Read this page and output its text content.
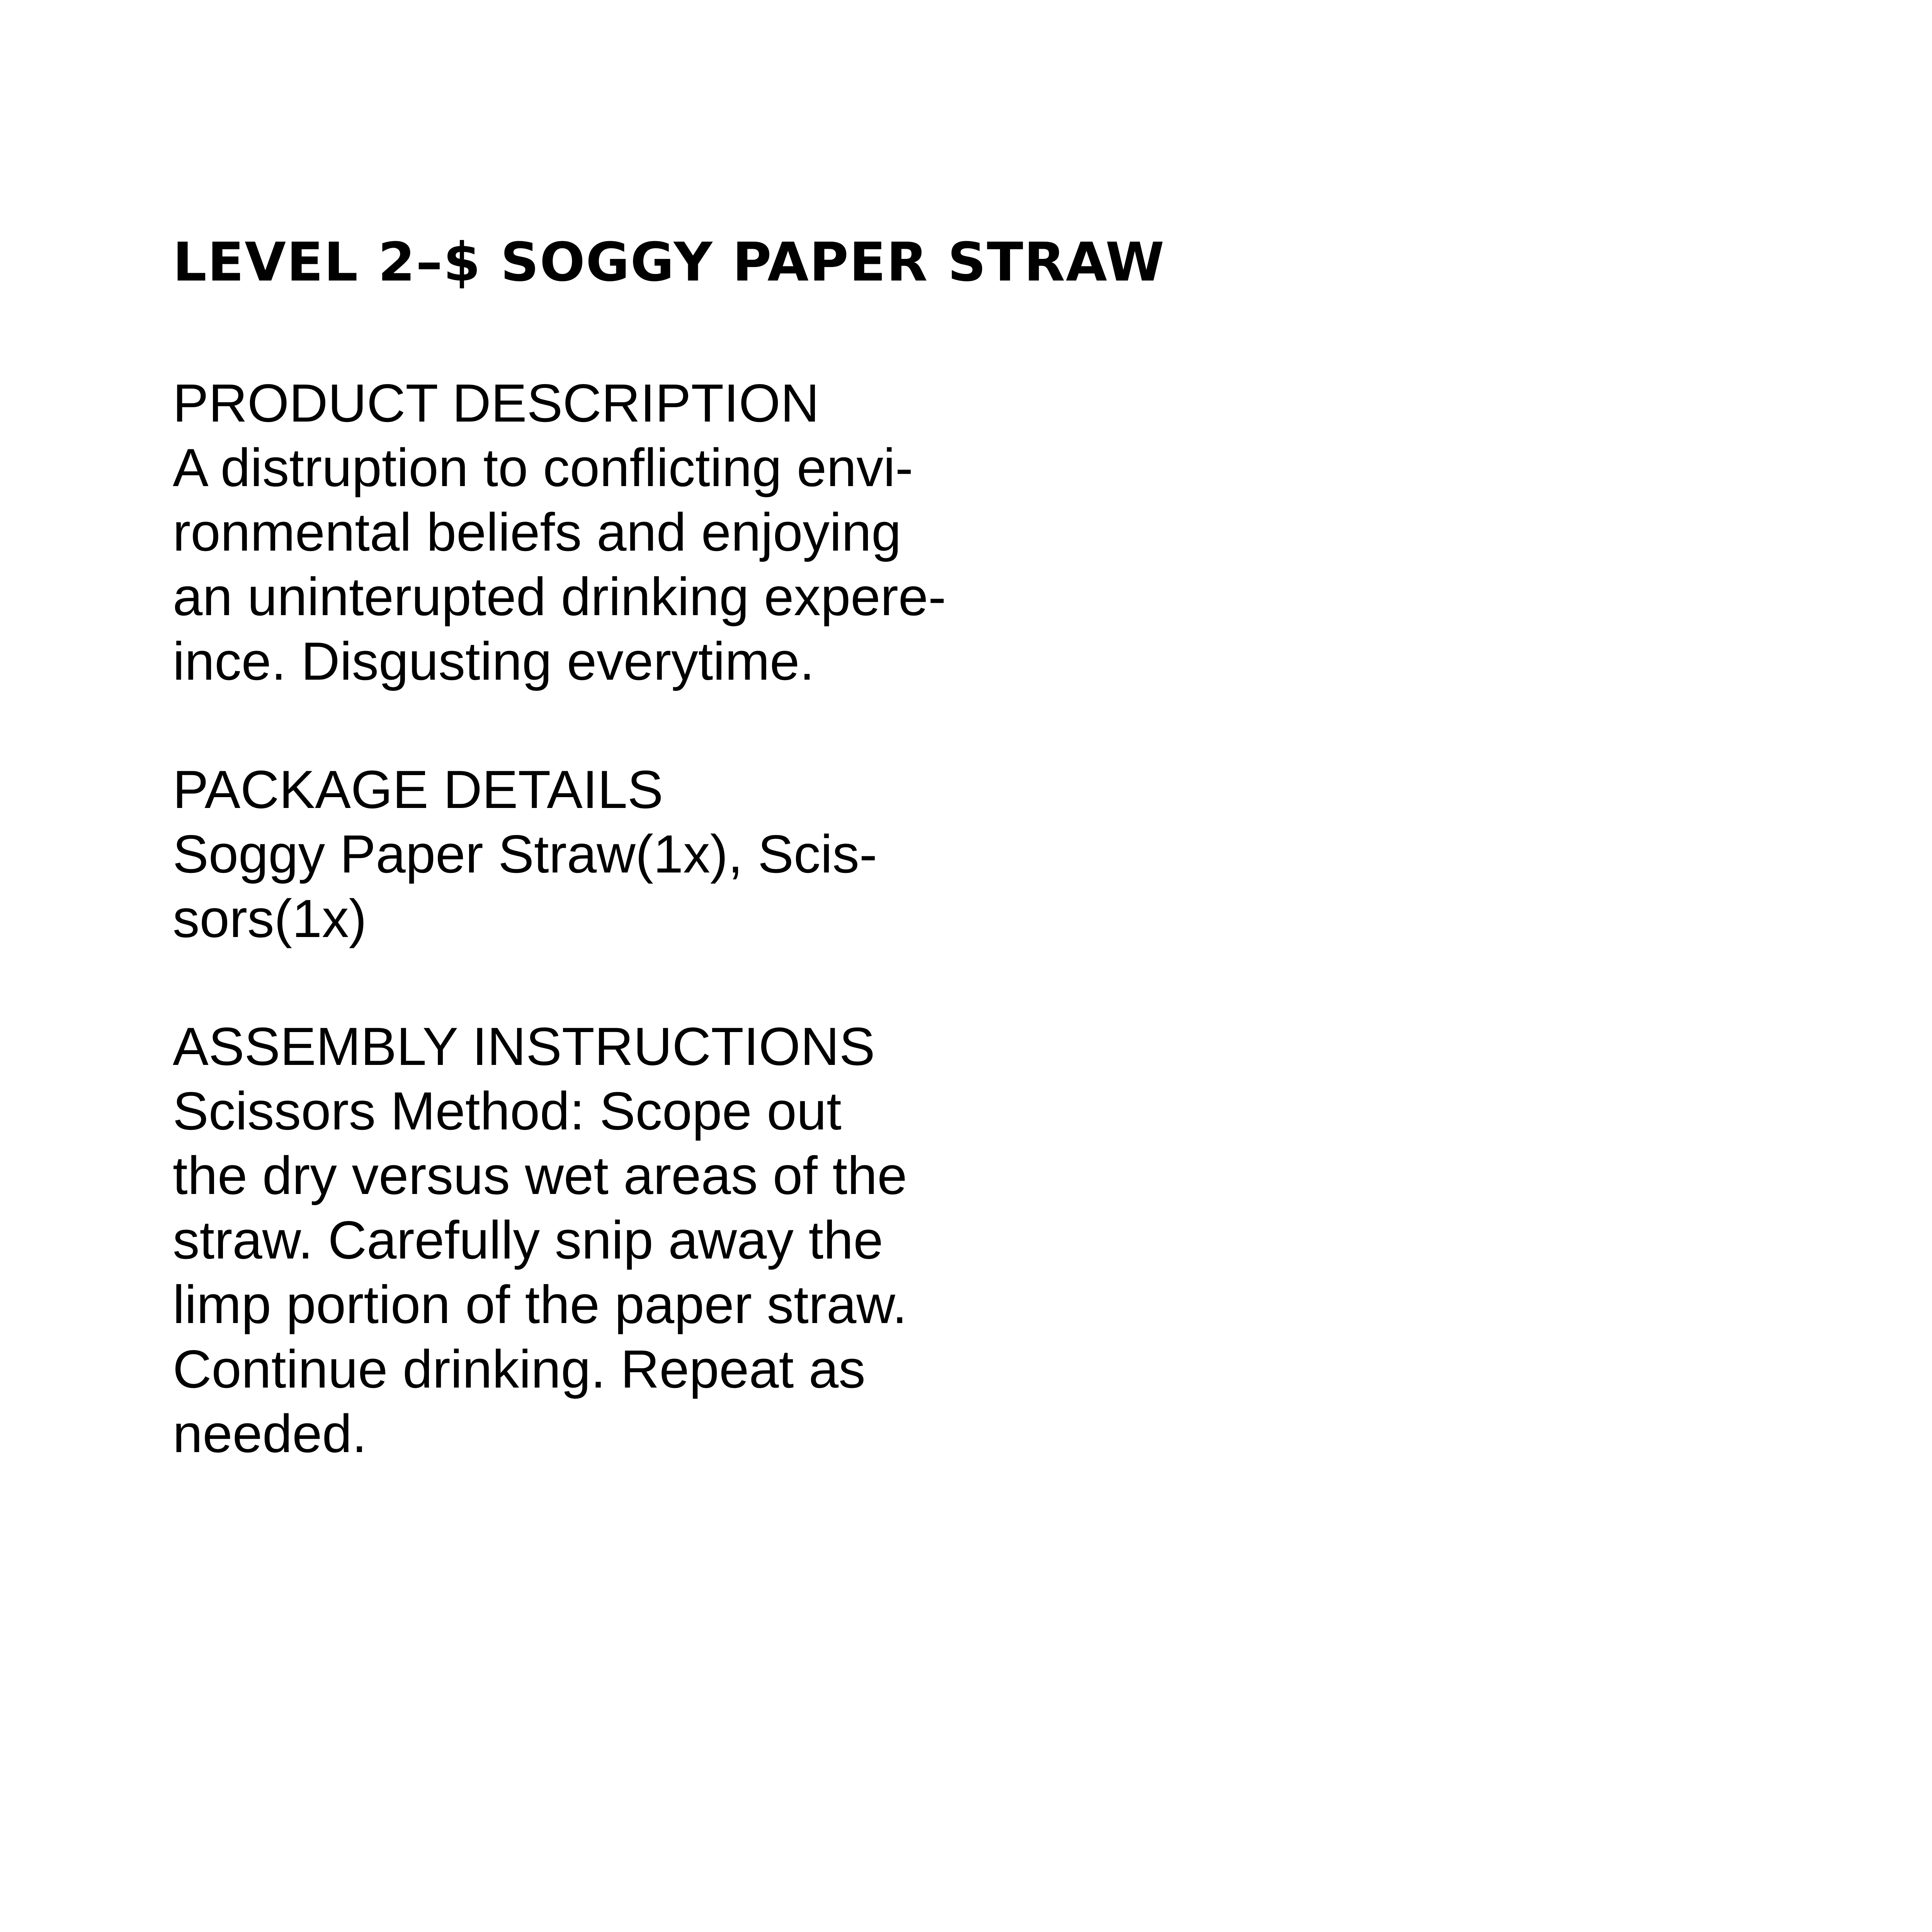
LEVEL 2–$ SOGGY PAPER STRAW
PRODUCT DESCRIPTION
A distruption to conflicting envi-
ronmental beliefs and enjoying
an uninterupted drinking expere-
ince. Disgusting everytime.
PACKAGE DETAILS
Soggy Paper Straw(1x), Scis-
sors(1x)
ASSEMBLY INSTRUCTIONS
Scissors Method: Scope out
the dry versus wet areas of the
straw. Carefully snip away the
limp portion of the paper straw.
Continue drinking. Repeat as
needed.
